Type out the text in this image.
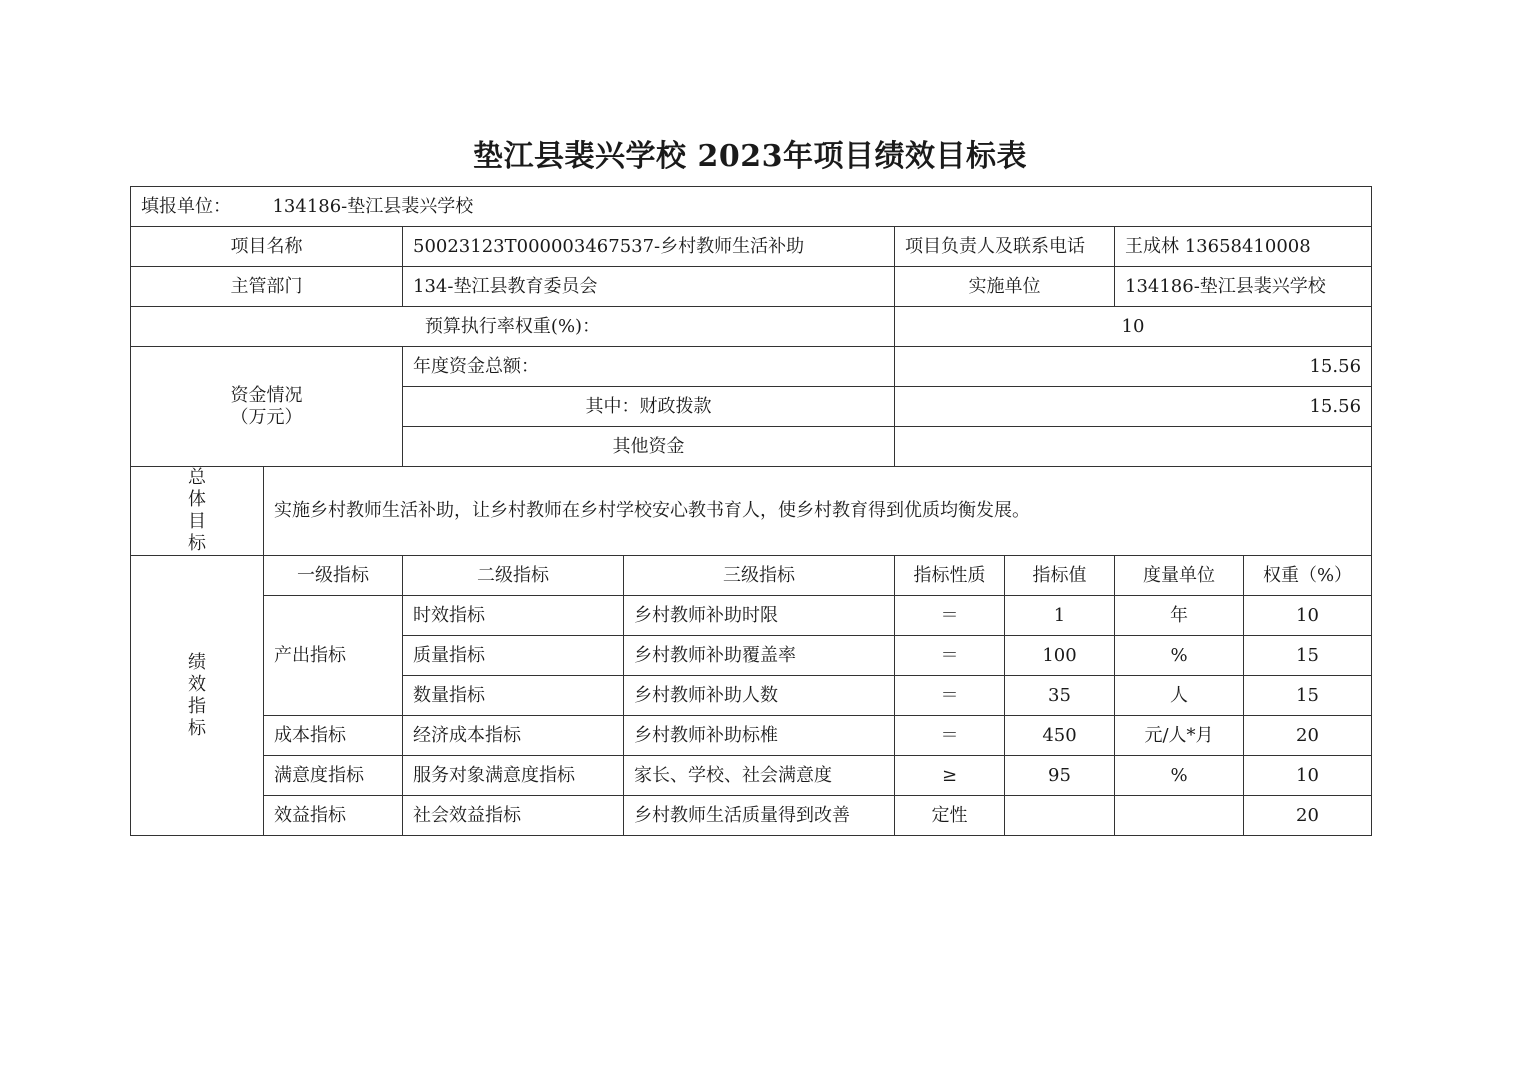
垫江县裴兴学校 2023年项目绩效目标表
填报单位： 134186-垫江县裴兴学校							
项目名称		50023123T000003467537-乡村教师生活补助		项目负责人及联系电话		王成林 13658410008	
主管部门		134-垫江县教育委员会		实施单位		134186-垫江县裴兴学校	
预算执行率权重(%)：				10			

资金情况
（万元）		年度资金总额：		15.56			
		其中：财政拨款		15.56			
		其他资金					

总
体
目
标	实施乡村教师生活补助，让乡村教师在乡村学校安心教书育人，使乡村教育得到优质均衡发展。						

绩
效
指
标	一级指标	二级指标	三级指标	指标性质	指标值	度量单位	权重（%）
	产出指标	时效指标	乡村教师补助时限	＝	1	年	10
		质量指标	乡村教师补助覆盖率	＝	100	%	15
		数量指标	乡村教师补助人数	＝	35	人	15
	成本指标	经济成本指标	乡村教师补助标椎	＝	450	元/人*月	20
	满意度指标	服务对象满意度指标	家长、学校、社会满意度	≥	95	%	10
	效益指标	社会效益指标	乡村教师生活质量得到改善	定性			20
